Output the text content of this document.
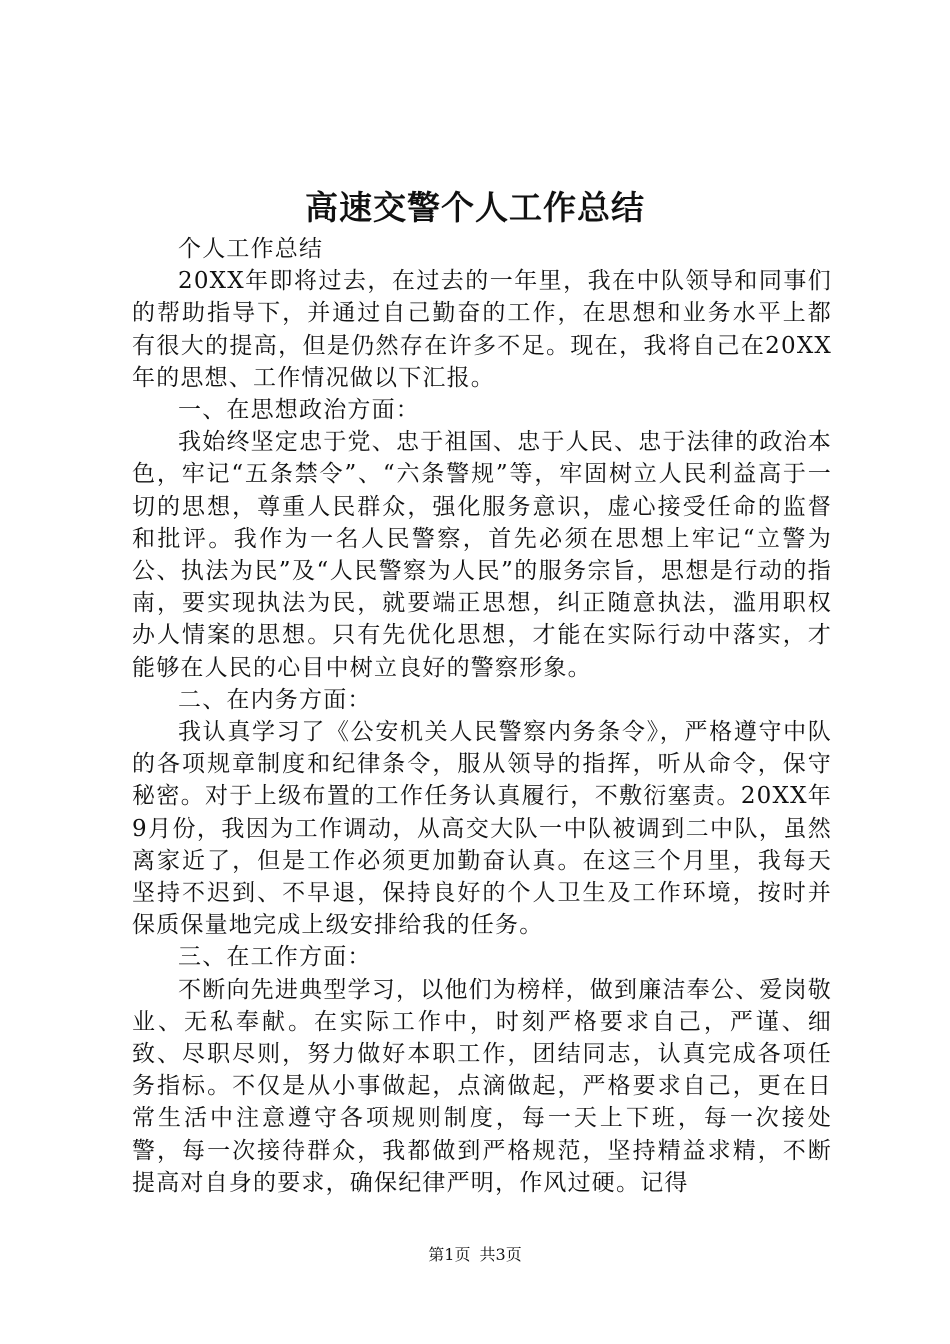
高速交警个人工作总结

个人工作总结

20XX年即将过去，在过去的一年里，我在中队领导和同事们的帮助指导下，并通过自己勤奋的工作，在思想和业务水平上都有很大的提高，但是仍然存在许多不足。现在，我将自己在20XX年的思想、工作情况做以下汇报。

一、在思想政治方面：

我始终坚定忠于党、忠于祖国、忠于人民、忠于法律的政治本色，牢记“五条禁令”、“六条警规”等，牢固树立人民利益高于一切的思想，尊重人民群众，强化服务意识，虚心接受任命的监督和批评。我作为一名人民警察，首先必须在思想上牢记“立警为公、执法为民”及“人民警察为人民”的服务宗旨，思想是行动的指南，要实现执法为民，就要端正思想，纠正随意执法，滥用职权办人情案的思想。只有先优化思想，才能在实际行动中落实，才能够在人民的心目中树立良好的警察形象。

二、在内务方面：

我认真学习了《公安机关人民警察内务条令》，严格遵守中队的各项规章制度和纪律条令，服从领导的指挥，听从命令，保守秘密。对于上级布置的工作任务认真履行，不敷衍塞责。20XX年9月份，我因为工作调动，从高交大队一中队被调到二中队，虽然离家近了，但是工作必须更加勤奋认真。在这三个月里，我每天坚持不迟到、不早退，保持良好的个人卫生及工作环境，按时并保质保量地完成上级安排给我的任务。

三、在工作方面：

不断向先进典型学习，以他们为榜样，做到廉洁奉公、爱岗敬业、无私奉献。在实际工作中，时刻严格要求自己，严谨、细致、尽职尽则，努力做好本职工作，团结同志，认真完成各项任务指标。不仅是从小事做起，点滴做起，严格要求自己，更在日常生活中注意遵守各项规则制度，每一天上下班，每一次接处警，每一次接待群众，我都做到严格规范，坚持精益求精，不断提高对自身的要求，确保纪律严明，作风过硬。记得

第1页 共3页
